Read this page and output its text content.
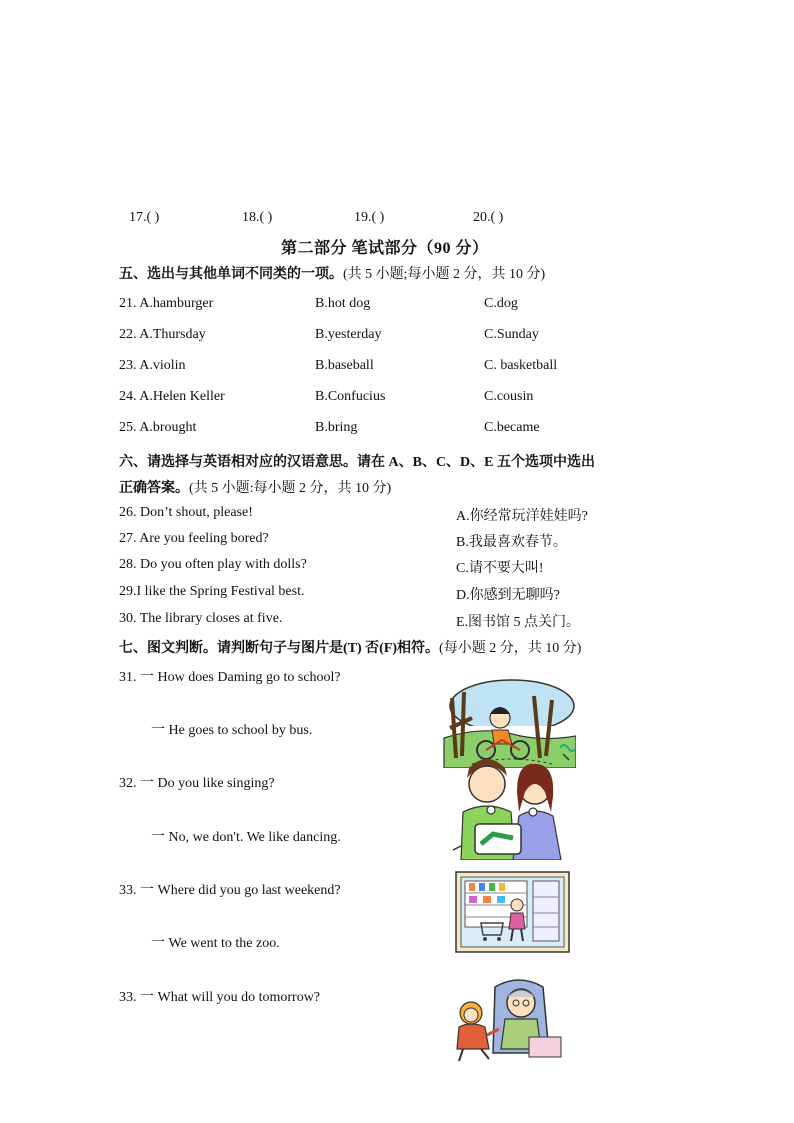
17.( )	18.( )	19.( )	20.( )
第二部分 笔试部分（90 分）
五、选出与其他单词不同类的一项。(共 5 小题;每小题 2 分，共 10 分)
21. A.hamburger	B.hot dog	C.dog
22. A.Thursday	B.yesterday	C.Sunday
23. A.violin	B.baseball	C. basketball
24. A.Helen Keller	B.Confucius	C.cousin
25. A.brought	B.bring	C.became
六、请选择与英语相对应的汉语意思。请在 A、B、C、D、E 五个选项中选出
正确答案。(共 5 小题:每小题 2 分，共 10 分)
26. Don’t shout, please!	A.你经常玩洋娃娃吗?
27. Are you feeling bored?	B.我最喜欢春节。
28. Do you often play with dolls?	C.请不要大叫!
29.I like the Spring Festival best.	D.你感到无聊吗?
30. The library closes at five.	E.图书馆 5 点关门。
七、图文判断。请判断句子与图片是(T) 否(F)相符。(每小题 2 分，共 10 分)
31. 一 How does Daming go to school?
一 He goes to school by bus.
32. 一 Do you like singing?
一 No, we don't. We like dancing.
33. 一 Where did you go last weekend?
一 We went to the zoo.
33. 一 What will you do tomorrow?
